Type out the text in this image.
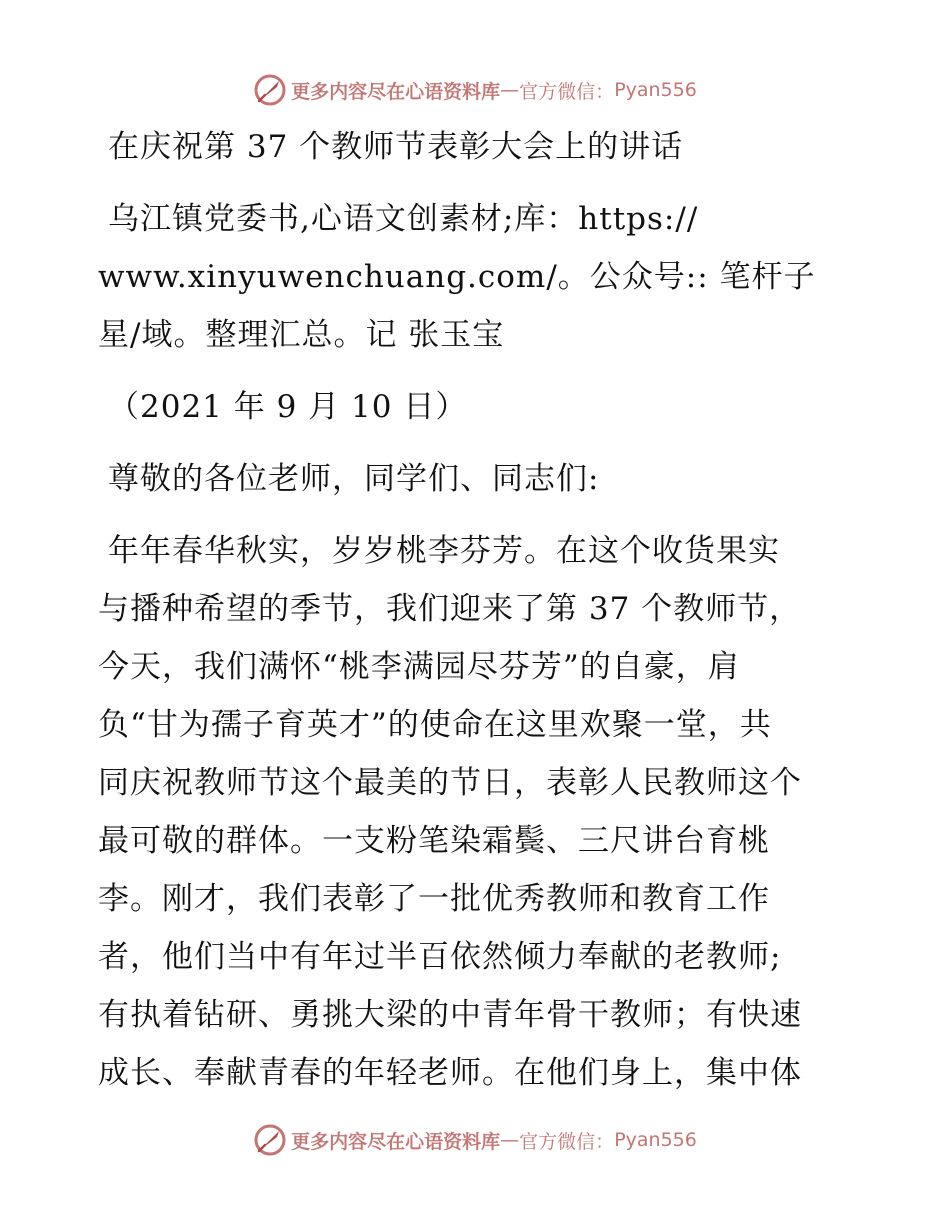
更多内容尽在心语资料库 — 官方微信： Pyan556
在庆祝第 37 个教师节表彰大会上的讲话
乌江镇党委书,心语文创素材;库：https://
www.xinyuwenchuang.com/。公众号:: 笔杆子
星/域。整理汇总。记 张玉宝
（2021 年 9 月 10 日）
尊敬的各位老师，同学们、同志们:
年年春华秋实，岁岁桃李芬芳。在这个收货果实
与播种希望的季节，我们迎来了第 37 个教师节，
今天，我们满怀“桃李满园尽芬芳”的自豪，肩
负“甘为孺子育英才”的使命在这里欢聚一堂，共
同庆祝教师节这个最美的节日，表彰人民教师这个
最可敬的群体。一支粉笔染霜鬓、三尺讲台育桃
李。刚才，我们表彰了一批优秀教师和教育工作
者，他们当中有年过半百依然倾力奉献的老教师;
有执着钻研、勇挑大梁的中青年骨干教师；有快速
成长、奉献青春的年轻老师。在他们身上，集中体
更多内容尽在心语资料库 — 官方微信： Pyan556
